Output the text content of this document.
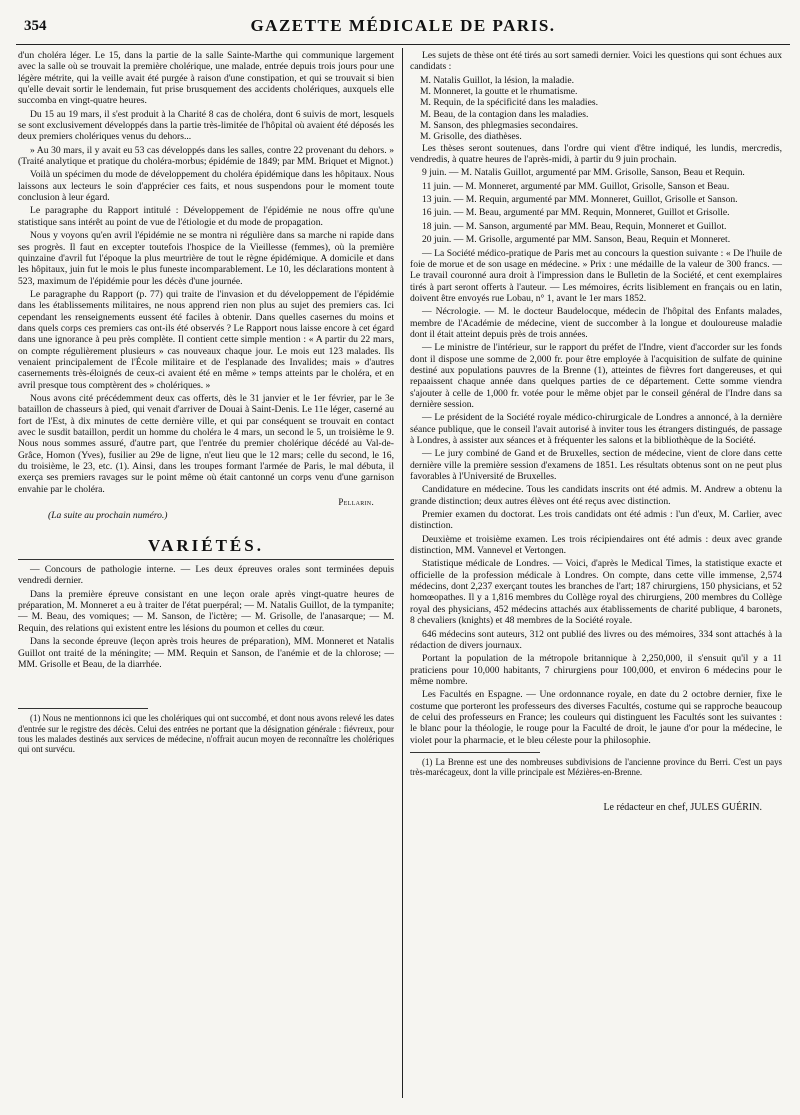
354	GAZETTE MÉDICALE DE PARIS.

d'un choléra léger. Le 15, dans la partie de la salle Sainte-Marthe qui communique largement avec la salle où se trouvait la première cholérique, une malade, entrée depuis trois jours pour une légère métrite, qui la veille avait été purgée à raison d'une constipation, et qui se trouvait si bien qu'elle devait sortir le lendemain, fut prise brusquement des accidents cholériques, auxquels elle succomba en vingt-quatre heures.

Du 15 au 19 mars, il s'est produit à la Charité 8 cas de choléra, dont 6 suivis de mort, lesquels se sont exclusivement développés dans la partie très-limitée de l'hôpital où avaient été déposés les deux premiers cholériques venus du dehors...

» Au 30 mars, il y avait eu 53 cas développés dans les salles, contre 22 provenant du dehors. » (Traité analytique et pratique du choléra-morbus; épidémie de 1849; par MM. Briquet et Mignot.)

Voilà un spécimen du mode de développement du choléra épidémique dans les hôpitaux. Nous laissons aux lecteurs le soin d'apprécier ces faits, et nous suspendons pour le moment toute conclusion à leur égard.

Le paragraphe du Rapport intitulé : Développement de l'épidémie ne nous offre qu'une statistique sans intérêt au point de vue de l'étiologie et du mode de propagation.

Nous y voyons qu'en avril l'épidémie ne se montra ni régulière dans sa marche ni rapide dans ses progrès. Il faut en excepter toutefois l'hospice de la Vieillesse (femmes), où la première quinzaine d'avril fut l'époque la plus meurtrière de tout le règne épidémique. A domicile et dans les hôpitaux, juin fut le mois le plus funeste incomparablement. Le 10, les déclarations montent à 523, maximum de l'épidémie pour les décès d'une journée.

Le paragraphe du Rapport (p. 77) qui traite de l'invasion et du développement de l'épidémie dans les établissements militaires, ne nous apprend rien non plus au sujet des premiers cas. Ici cependant les renseignements eussent été faciles à obtenir. Dans quelles casernes du moins et dans quels corps ces premiers cas ont-ils été observés ? Le Rapport nous laisse encore à cet égard dans une ignorance à peu près complète. Il contient cette simple mention : « A partir du 22 mars, on compte régulièrement plusieurs » cas nouveaux chaque jour. Le mois eut 123 malades. Ils venaient principalement de l'École militaire et de l'esplanade des Invalides; mais » d'autres casernements très-éloignés de ceux-ci avaient été en même » temps atteints par le choléra, et en avril presque tous comptèrent des » cholériques. »

Nous avons cité précédemment deux cas offerts, dès le 31 janvier et le 1er février, par le 3e bataillon de chasseurs à pied, qui venait d'arriver de Douai à Saint-Denis. Le 11e léger, caserné au fort de l'Est, à dix minutes de cette dernière ville, et qui par conséquent se trouvait en contact avec le susdit bataillon, perdit un homme du choléra le 4 mars, un second le 5, un troisième le 9. Nous nous sommes assuré, d'autre part, que l'entrée du premier cholérique décédé au Val-de-Grâce, Homon (Yves), fusilier au 29e de ligne, n'eut lieu que le 12 mars; celle du second, le 16, du troisième, le 23, etc. (1). Ainsi, dans les troupes formant l'armée de Paris, le mal débuta, il exerça ses premiers ravages sur le point même où était cantonné un corps venu d'une garnison envahie par le choléra.

Pellarin.
(La suite au prochain numéro.)
VARIÉTÉS.

— Concours de pathologie interne. — Les deux épreuves orales sont terminées depuis vendredi dernier.

Dans la première épreuve consistant en une leçon orale après vingt-quatre heures de préparation, M. Monneret a eu à traiter de l'état puerpéral; — M. Natalis Guillot, de la tympanite; — M. Beau, des vomiques; — M. Sanson, de l'ictère; — M. Grisolle, de l'anasarque; — M. Requin, des relations qui existent entre les lésions du poumon et celles du cœur.

Dans la seconde épreuve (leçon après trois heures de préparation), MM. Monneret et Natalis Guillot ont traité de la méningite; — MM. Requin et Sanson, de l'anémie et de la chlorose; — MM. Grisolle et Beau, de la diarrhée.

(1) Nous ne mentionnons ici que les cholériques qui ont succombé, et dont nous avons relevé les dates d'entrée sur le registre des décès. Celui des entrées ne portant que la désignation générale : fiévreux, pour tous les malades destinés aux services de médecine, n'offrait aucun moyen de reconnaître les cholériques qui ont survécu.

Les sujets de thèse ont été tirés au sort samedi dernier. Voici les questions qui sont échues aux candidats :

M. Natalis Guillot, la lésion, la maladie.

M. Monneret, la goutte et le rhumatisme.

M. Requin, de la spécificité dans les maladies.

M. Beau, de la contagion dans les maladies.

M. Sanson, des phlegmasies secondaires.

M. Grisolle, des diathèses.

Les thèses seront soutenues, dans l'ordre qui vient d'être indiqué, les lundis, mercredis, vendredis, à quatre heures de l'après-midi, à partir du 9 juin prochain.

9 juin. — M. Natalis Guillot, argumenté par MM. Grisolle, Sanson, Beau et Requin.

11 juin. — M. Monneret, argumenté par MM. Guillot, Grisolle, Sanson et Beau.

13 juin. — M. Requin, argumenté par MM. Monneret, Guillot, Grisolle et Sanson.

16 juin. — M. Beau, argumenté par MM. Requin, Monneret, Guillot et Grisolle.

18 juin. — M. Sanson, argumenté par MM. Beau, Requin, Monneret et Guillot.

20 juin. — M. Grisolle, argumenté par MM. Sanson, Beau, Requin et Monneret.

— La Société médico-pratique de Paris met au concours la question suivante : « De l'huile de foie de morue et de son usage en médecine. » Prix : une médaille de la valeur de 300 francs. — Le travail couronné aura droit à l'impression dans le Bulletin de la Société, et cent exemplaires tirés à part seront offerts à l'auteur. — Les mémoires, écrits lisiblement en français ou en latin, doivent être envoyés rue Lobau, n° 1, avant le 1er mars 1852.

— Nécrologie. — M. le docteur Baudelocque, médecin de l'hôpital des Enfants malades, membre de l'Académie de médecine, vient de succomber à la longue et douloureuse maladie dont il était atteint depuis près de trois années.

— Le ministre de l'intérieur, sur le rapport du préfet de l'Indre, vient d'accorder sur les fonds dont il dispose une somme de 2,000 fr. pour être employée à l'acquisition de sulfate de quinine destiné aux populations pauvres de la Brenne (1), atteintes de fièvres fort dangereuses, et qui repaaissent chaque année dans quelques parties de ce département. Cette somme viendra s'ajouter à celle de 1,000 fr. votée pour le même objet par le conseil général de l'Indre dans sa dernière session.

— Le président de la Société royale médico-chirurgicale de Londres a annoncé, à la dernière séance publique, que le conseil l'avait autorisé à inviter tous les étrangers distingués, de passage à Londres, à assister aux séances et à fréquenter les salons et la bibliothèque de la Société.

— Le jury combiné de Gand et de Bruxelles, section de médecine, vient de clore dans cette dernière ville la première session d'examens de 1851. Les résultats obtenus sont on ne peut plus favorables à l'Université de Bruxelles.

Candidature en médecine. Tous les candidats inscrits ont été admis. M. Andrew a obtenu la grande distinction; deux autres élèves ont été reçus avec distinction.

Premier examen du doctorat. Les trois candidats ont été admis : l'un d'eux, M. Carlier, avec distinction.

Deuxième et troisième examen. Les trois récipiendaires ont été admis : deux avec grande distinction, MM. Vannevel et Vertongen.

Statistique médicale de Londres. — Voici, d'après le Medical Times, la statistique exacte et officielle de la profession médicale à Londres. On compte, dans cette ville immense, 2,574 médecins, dont 2,237 exerçant toutes les branches de l'art; 187 chirurgiens, 150 physicians, et 52 homœopathes. Il y a 1,816 membres du Collège royal des chirurgiens, 200 membres du Collège royal des physicians, 452 médecins attachés aux établissements de charité publique, 4 baronets, 8 chevaliers (knights) et 48 membres de la Société royale.

646 médecins sont auteurs, 312 ont publié des livres ou des mémoires, 334 sont attachés à la rédaction de divers journaux.

Portant la population de la métropole britannique à 2,250,000, il s'ensuit qu'il y a 11 praticiens pour 10,000 habitants, 7 chirurgiens pour 100,000, et environ 6 médecins pour le même nombre.

Les Facultés en Espagne. — Une ordonnance royale, en date du 2 octobre dernier, fixe le costume que porteront les professeurs des diverses Facultés, costume qui se rapproche beaucoup de celui des professeurs en France; les couleurs qui distinguent les Facultés sont les suivantes : le blanc pour la théologie, le rouge pour la Faculté de droit, le jaune d'or pour la médecine, le violet pour la pharmacie, et le bleu céleste pour la philosophie.

(1) La Brenne est une des nombreuses subdivisions de l'ancienne province du Berri. C'est un pays très-marécageux, dont la ville principale est Mézières-en-Brenne.

Le rédacteur en chef, JULES GUÉRIN.
